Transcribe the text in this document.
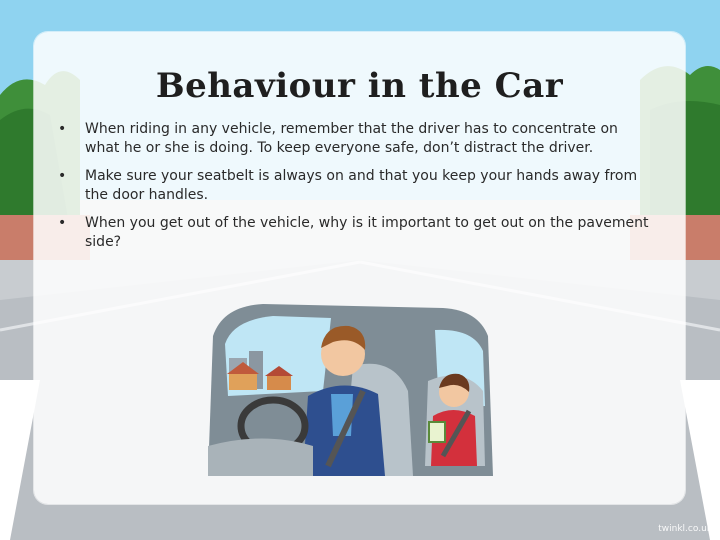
Behaviour in the Car
• When riding in any vehicle, remember that the driver has to concentrate on what he or she is doing. To keep everyone safe, don’t distract the driver.
• Make sure your seatbelt is always on and that you keep your hands away from the door handles.
• When you get out of the vehicle, why is it important to get out on the pavement side?
twinkl.co.uk
